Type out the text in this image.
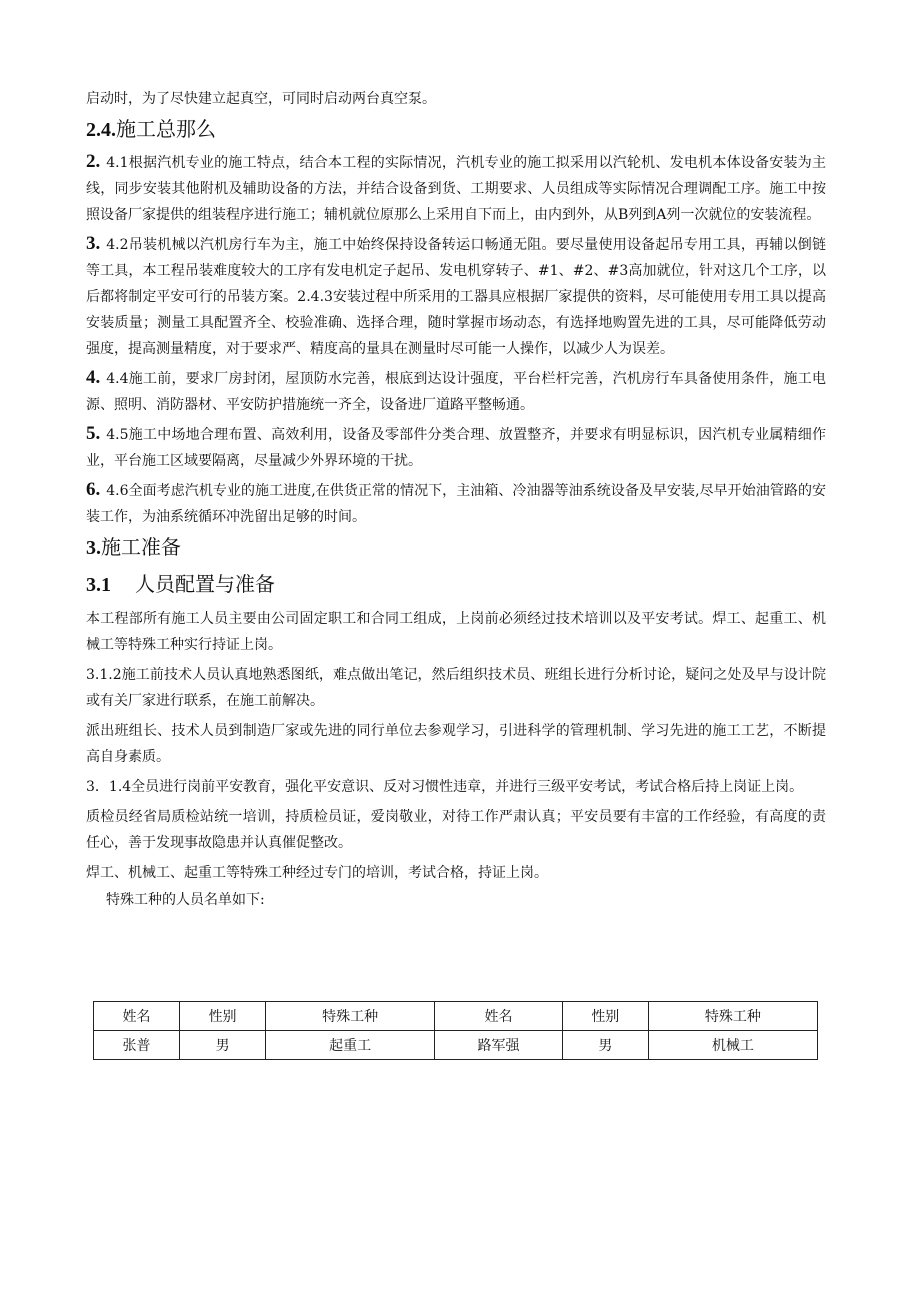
启动时，为了尽快建立起真空，可同时启动两台真空泵。

2.4.施工总那么

2. 4.1根据汽机专业的施工特点，结合本工程的实际情况，汽机专业的施工拟采用以汽轮机、发电机本体设备安装为主线，同步安装其他附机及辅助设备的方法，并结合设备到货、工期要求、人员组成等实际情况合理调配工序。施工中按照设备厂家提供的组装程序进行施工；辅机就位原那么上采用自下而上，由内到外，从B列到A列一次就位的安装流程。

3. 4.2吊装机械以汽机房行车为主，施工中始终保持设备转运口畅通无阻。要尽量使用设备起吊专用工具，再辅以倒链等工具，本工程吊装难度较大的工序有发电机定子起吊、发电机穿转子、#1、#2、#3高加就位，针对这几个工序，以后都将制定平安可行的吊装方案。2.4.3安装过程中所采用的工器具应根据厂家提供的资料，尽可能使用专用工具以提高安装质量；测量工具配置齐全、校验准确、选择合理，随时掌握市场动态，有选择地购置先进的工具，尽可能降低劳动强度，提高测量精度，对于要求严、精度高的量具在测量时尽可能一人操作，以减少人为误差。

4. 4.4施工前，要求厂房封闭，屋顶防水完善，根底到达设计强度，平台栏杆完善，汽机房行车具备使用条件，施工电源、照明、消防器材、平安防护措施统一齐全，设备进厂道路平整畅通。

5. 4.5施工中场地合理布置、高效利用，设备及零部件分类合理、放置整齐，并要求有明显标识，因汽机专业属精细作业，平台施工区域要隔离，尽量减少外界环境的干扰。

6. 4.6全面考虑汽机专业的施工进度,在供货正常的情况下，主油箱、冷油器等油系统设备及早安装,尽早开始油管路的安装工作，为油系统循环冲洗留出足够的时间。

3.施工准备
3.1 人员配置与准备

本工程部所有施工人员主要由公司固定职工和合同工组成，上岗前必须经过技术培训以及平安考试。焊工、起重工、机械工等特殊工种实行持证上岗。

3.1.2施工前技术人员认真地熟悉图纸，难点做出笔记，然后组织技术员、班组长进行分析讨论，疑问之处及早与设计院或有关厂家进行联系，在施工前解决。

派出班组长、技术人员到制造厂家或先进的同行单位去参观学习，引进科学的管理机制、学习先进的施工工艺，不断提高自身素质。

3．1.4全员进行岗前平安教育，强化平安意识、反对习惯性违章，并进行三级平安考试，考试合格后持上岗证上岗。

质检员经省局质检站统一培训，持质检员证，爱岗敬业，对待工作严肃认真；平安员要有丰富的工作经验，有高度的责任心，善于发现事故隐患并认真催促整改。

焊工、机械工、起重工等特殊工种经过专门的培训，考试合格，持证上岗。

特殊工种的人员名单如下:

姓名	性别	特殊工种	姓名	性别	特殊工种
张普	男	起重工	路军强	男	机械工
